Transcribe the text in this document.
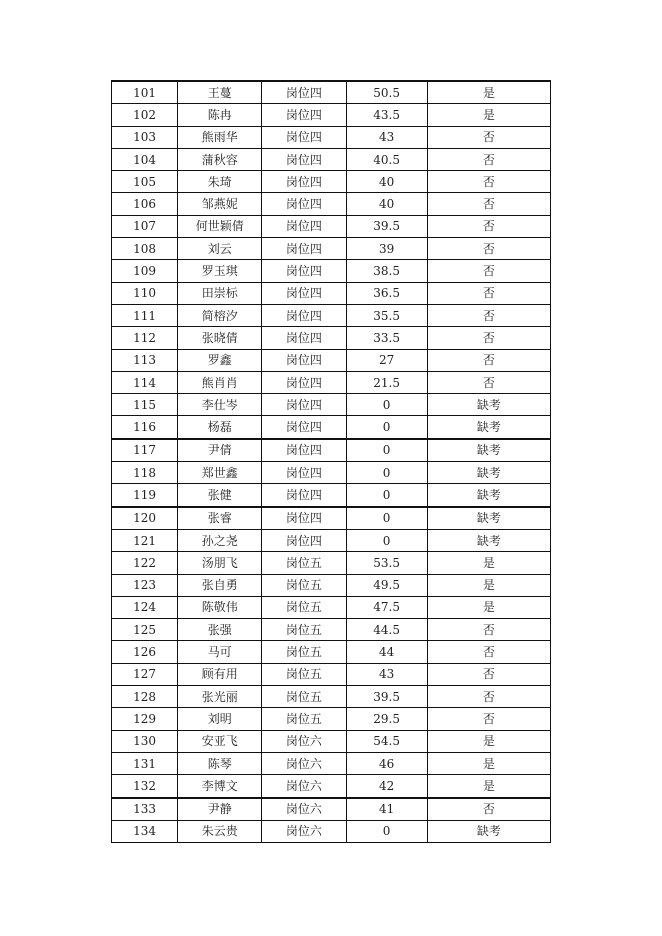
101	王蔓	岗位四	50.5	是
102	陈冉	岗位四	43.5	是
103	熊雨华	岗位四	43	否
104	蒲秋容	岗位四	40.5	否
105	朱琦	岗位四	40	否
106	邹燕妮	岗位四	40	否
107	何世颖倩	岗位四	39.5	否
108	刘云	岗位四	39	否
109	罗玉琪	岗位四	38.5	否
110	田崇标	岗位四	36.5	否
111	简榕汐	岗位四	35.5	否
112	张晓倩	岗位四	33.5	否
113	罗鑫	岗位四	27	否
114	熊肖肖	岗位四	21.5	否
115	李仕岑	岗位四	0	缺考
116	杨磊	岗位四	0	缺考
117	尹倩	岗位四	0	缺考
118	郑世鑫	岗位四	0	缺考
119	张健	岗位四	0	缺考
120	张睿	岗位四	0	缺考
121	孙之尧	岗位四	0	缺考
122	汤朋飞	岗位五	53.5	是
123	张自勇	岗位五	49.5	是
124	陈敬伟	岗位五	47.5	是
125	张强	岗位五	44.5	否
126	马可	岗位五	44	否
127	顾有用	岗位五	43	否
128	张光丽	岗位五	39.5	否
129	刘明	岗位五	29.5	否
130	安亚飞	岗位六	54.5	是
131	陈琴	岗位六	46	是
132	李博文	岗位六	42	是
133	尹静	岗位六	41	否
134	朱云贵	岗位六	0	缺考
